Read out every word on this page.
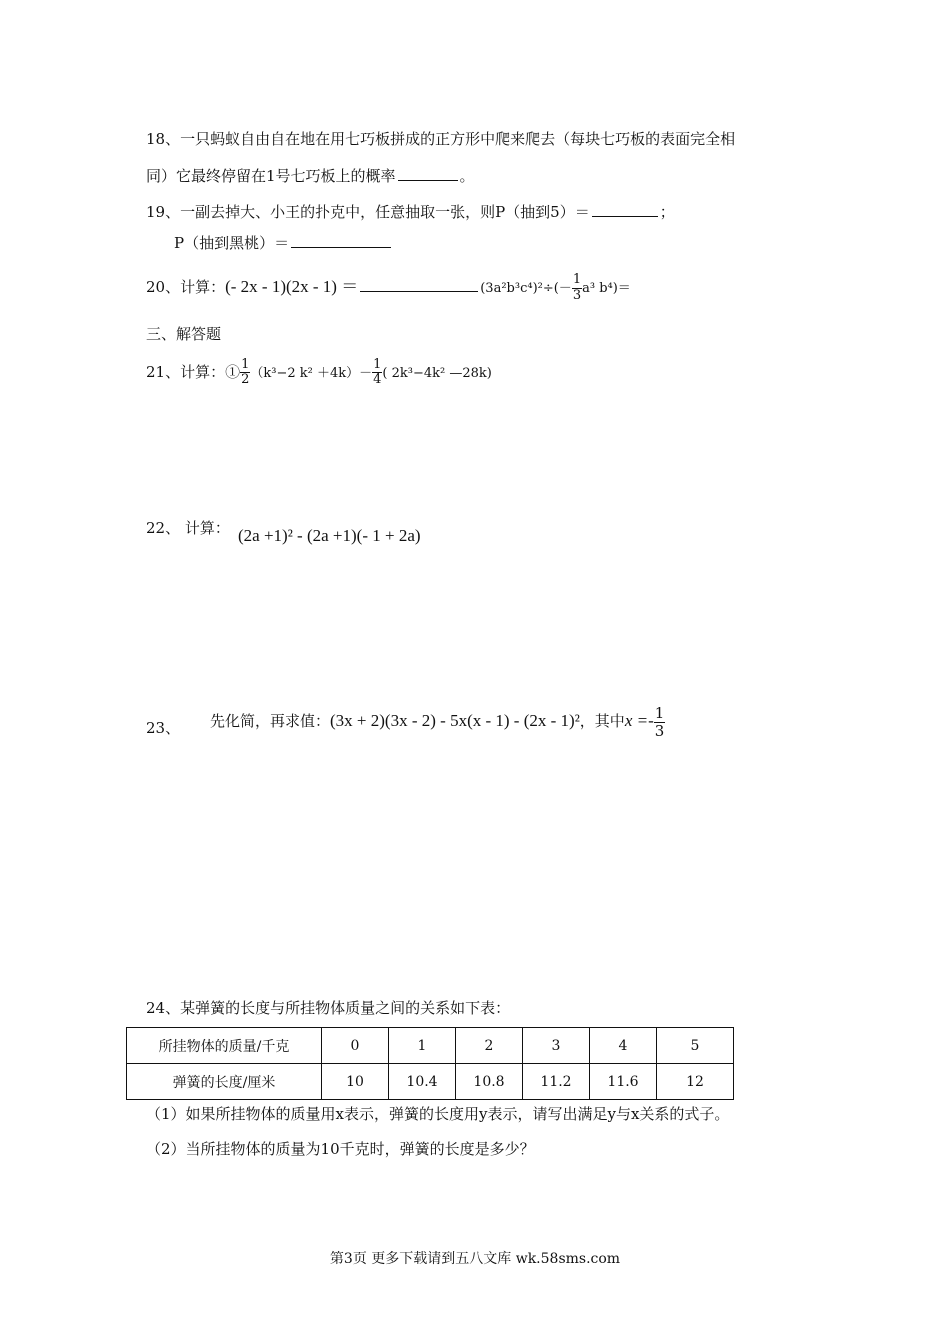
18、一只蚂蚁自由自在地在用七巧板拼成的正方形中爬来爬去（每块七巧板的表面完全相
同）它最终停留在1号七巧板上的概率	。
19、一副去掉大、小王的扑克中，任意抽取一张，则P（抽到5）＝	；
P（抽到黑桃）＝
20、计算：(- 2x - 1)(2x - 1) ＝	$(3a^2b^3c^4)^2\div(- \frac{1}{3} a^3$ b⁴)＝
三、解答题
21、计算：① $\frac{1}{2} (k^3-2$ $k^2 +4k)- \frac{1}{4}$ ( 2k³−4k² —28k)
22、 计算： (2a +1)² - (2a +1)(- 1 + 2a)
23、 先化简，再求值：(3x + 2)(3x - 2) - 5x(x - 1) - (2x - 1)²，其中$x =- \frac{1}{3}$
24、某弹簧的长度与所挂物体质量之间的关系如下表：
所挂物体的质量/千克	0	1	2	3	4	5
弹簧的长度/厘米	10	10.4	10.8	11.2	11.6	12
（1）如果所挂物体的质量用x表示，弹簧的长度用y表示，请写出满足y与x关系的式子。
（2）当所挂物体的质量为10千克时，弹簧的长度是多少？
第3页 更多下载请到五八文库 wk.58sms.com
